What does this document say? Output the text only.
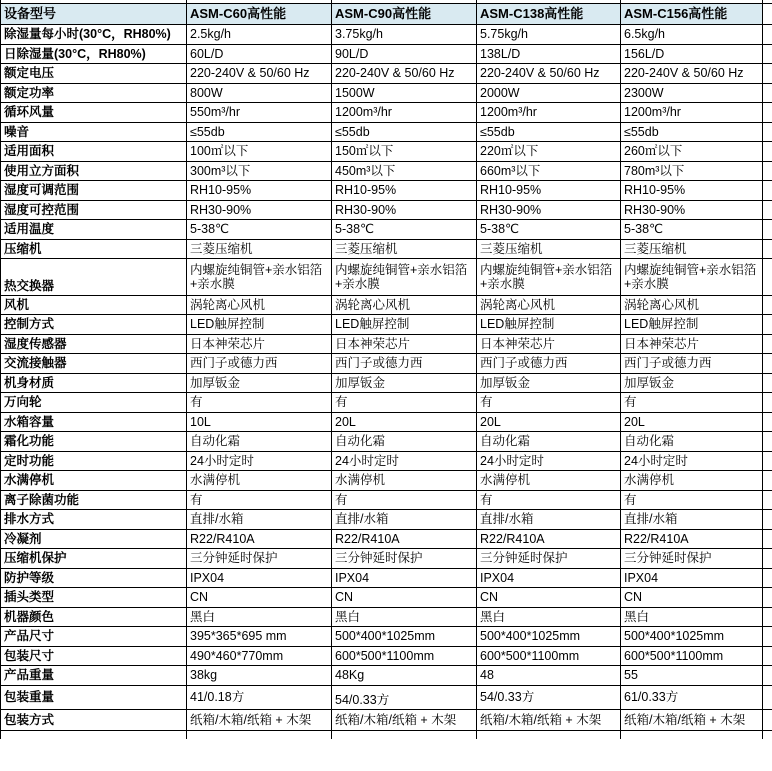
设备型号	ASM-C60高性能	ASM-C90高性能	ASM-C138高性能	ASM-C156高性能	
除湿量每小时(30°C，RH80%)	2.5kg/h	3.75kg/h	5.75kg/h	6.5kg/h	
日除湿量(30°C，RH80%)	60L/D	90L/D	138L/D	156L/D	
额定电压	220-240V & 50/60 Hz	220-240V & 50/60 Hz	220-240V & 50/60 Hz	220-240V & 50/60 Hz	
额定功率	800W	1500W	2000W	2300W	
循环风量	550m³/hr	1200m³/hr	1200m³/hr	1200m³/hr	
噪音	≤55db	≤55db	≤55db	≤55db	
适用面积	100㎡以下	150㎡以下	220㎡以下	260㎡以下	
使用立方面积	300m³以下	450m³以下	660m³以下	780m³以下	
湿度可调范围	RH10-95%	RH10-95%	RH10-95%	RH10-95%	
湿度可控范围	RH30-90%	RH30-90%	RH30-90%	RH30-90%	
适用温度	5-38℃	5-38℃	5-38℃	5-38℃	
压缩机	三菱压缩机	三菱压缩机	三菱压缩机	三菱压缩机	
热交换器	内螺旋纯铜管+亲水铝箔+亲水膜	内螺旋纯铜管+亲水铝箔+亲水膜	内螺旋纯铜管+亲水铝箔+亲水膜	内螺旋纯铜管+亲水铝箔+亲水膜	
风机	涡轮离心风机	涡轮离心风机	涡轮离心风机	涡轮离心风机	
控制方式	LED触屏控制	LED触屏控制	LED触屏控制	LED触屏控制	
湿度传感器	日本神荣芯片	日本神荣芯片	日本神荣芯片	日本神荣芯片	
交流接触器	西门子或德力西	西门子或德力西	西门子或德力西	西门子或德力西	
机身材质	加厚钣金	加厚钣金	加厚钣金	加厚钣金	
万向轮	有	有	有	有	
水箱容量	10L	20L	20L	20L	
霜化功能	自动化霜	自动化霜	自动化霜	自动化霜	
定时功能	24小时定时	24小时定时	24小时定时	24小时定时	
水满停机	水满停机	水满停机	水满停机	水满停机	
离子除菌功能	有	有	有	有	
排水方式	直排/水箱	直排/水箱	直排/水箱	直排/水箱	
冷凝剂	R22/R410A	R22/R410A	R22/R410A	R22/R410A	
压缩机保护	三分钟延时保护	三分钟延时保护	三分钟延时保护	三分钟延时保护	
防护等级	IPX04	IPX04	IPX04	IPX04	
插头类型	CN	CN	CN	CN	
机器颜色	黑白	黑白	黑白	黑白	
产品尺寸	395*365*695 mm	500*400*1025mm	500*400*1025mm	500*400*1025mm	
包装尺寸	490*460*770mm	600*500*1100mm	600*500*1100mm	600*500*1100mm	
产品重量	38kg	48Kg	48	55	
包装重量	41/0.18方	54/0.33方	54/0.33方	61/0.33方	
包装方式	纸箱/木箱/纸箱 + 木架	纸箱/木箱/纸箱 + 木架	纸箱/木箱/纸箱 + 木架	纸箱/木箱/纸箱 + 木架	
